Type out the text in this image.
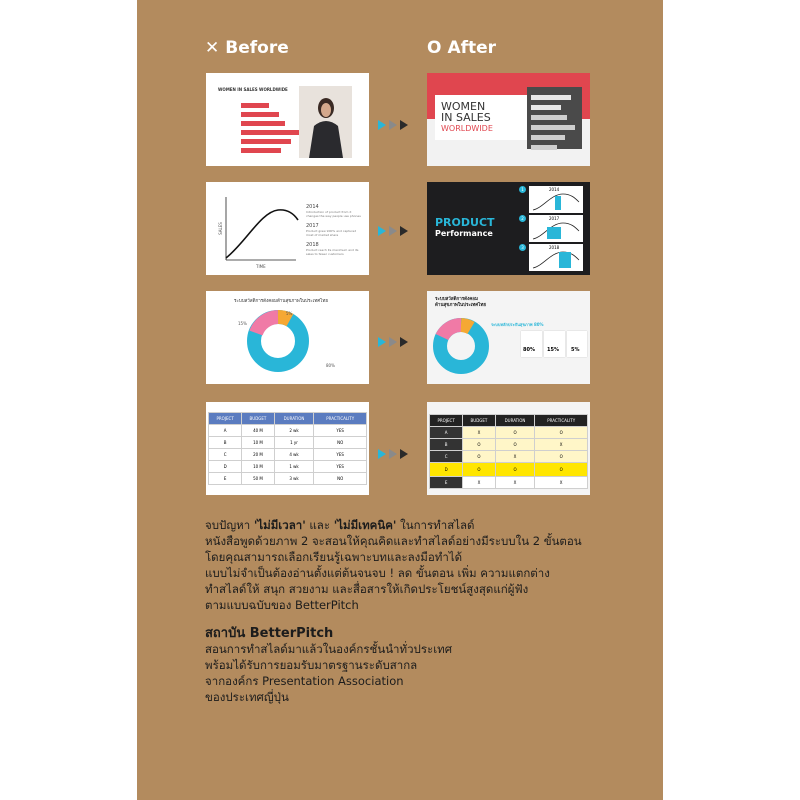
✕ Before	O After
WOMEN IN SALES WORLDWIDE
WOMEN
IN SALES
WORLDWIDE
SALES
TIME
2014
Introduction of product from X changes the way people use phones
2017
Product grew 900% and captured most of market share
2018
Product reach its maximum and its sales to fewer customers
PRODUCT
Performance
2014
2017
2018
1
2
3
ระบบสวัสดิการดังคอมด้านสุขภาพในประเทศไทย
5%
15%
80%
ระบบสวัสดิการดังคอม
ด้านสุขภาพในประเทศไทย
ระบบหลักประกันสุขภาพ 80%
80% 15% 5%
PROJECT	BUDGET	DURATION	PRACTICALITY
A	40 M	2 wk	YES
B	10 M	1 yr	NO
C	20 M	4 wk	YES
D	10 M	1 wk	YES
E	50 M	3 wk	NO
PROJECT	BUDGET	DURATION	PRACTICALITY
A	X	O	O
B	O	O	X
C	O	X	O
D	O	O	O
E	X	X	X

จบปัญหา 'ไม่มีเวลา' และ 'ไม่มีเทคนิค' ในการทำสไลด์

หนังสือพูดด้วยภาพ 2 จะสอนให้คุณคิดและทำสไลด์อย่างมีระบบใน 2 ขั้นตอน

โดยคุณสามารถเลือกเรียนรู้เฉพาะบทและลงมือทำได้

แบบไม่จำเป็นต้องอ่านตั้งแต่ต้นจนจบ ! ลด ขั้นตอน เพิ่ม ความแตกต่าง

ทำสไลด์ให้ สนุก สวยงาม และสื่อสารให้เกิดประโยชน์สูงสุดแก่ผู้ฟัง

ตามแบบฉบับของ BetterPitch

สถาบัน BetterPitch

สอนการทำสไลด์มาแล้วในองค์กรชั้นนำทั่วประเทศ

พร้อมได้รับการยอมรับมาตรฐานระดับสากล

จากองค์กร Presentation Association

ของประเทศญี่ปุ่น
